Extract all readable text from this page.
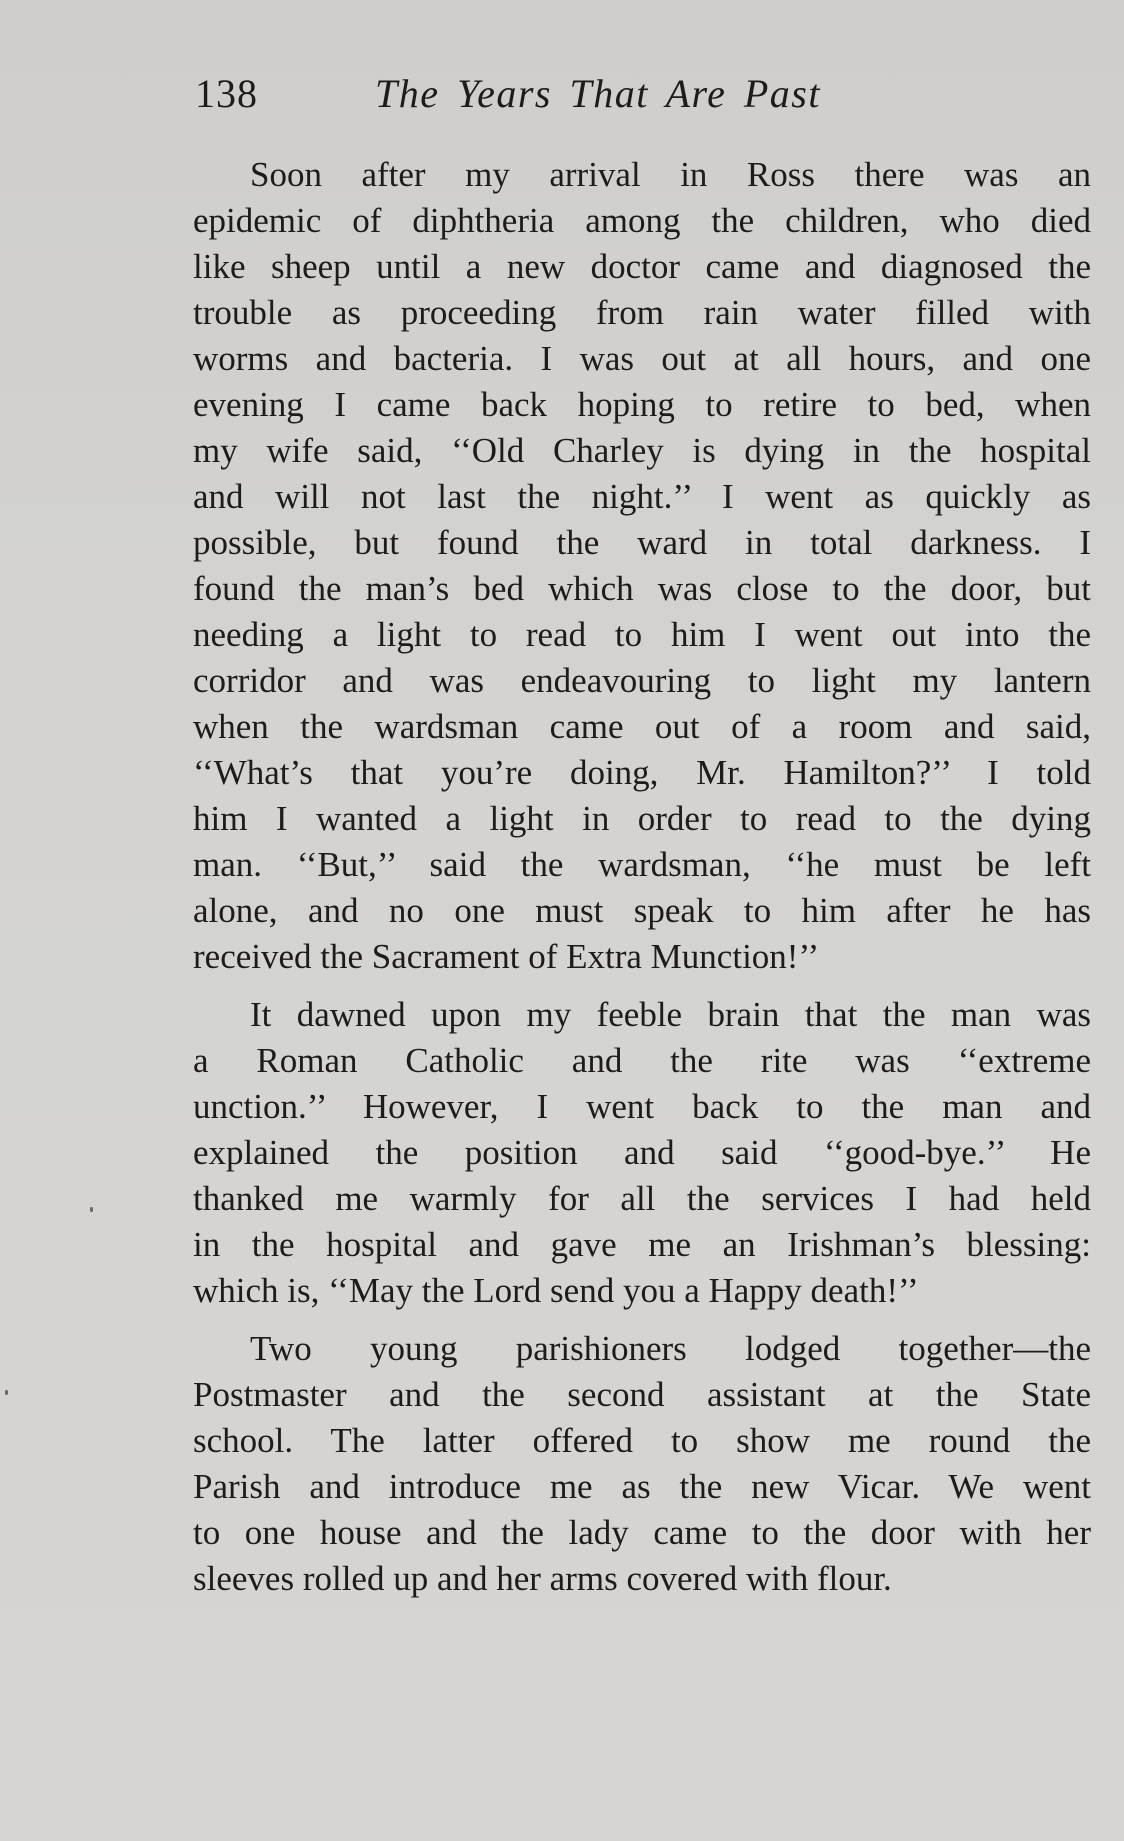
138	The Years That Are Past
Soon after my arrival in Ross there was an
epidemic of diphtheria among the children, who died
like sheep until a new doctor came and diagnosed the
trouble as proceeding from rain water filled with
worms and bacteria. I was out at all hours, and one
evening I came back hoping to retire to bed, when
my wife said, ‘‘Old Charley is dying in the hospital
and will not last the night.’’ I went as quickly as
possible, but found the ward in total darkness. I
found the man’s bed which was close to the door, but
needing a light to read to him I went out into the
corridor and was endeavouring to light my lantern
when the wardsman came out of a room and said,
‘‘What’s that you’re doing, Mr. Hamilton?’’ I told
him I wanted a light in order to read to the dying
man. ‘‘But,’’ said the wardsman, ‘‘he must be left
alone, and no one must speak to him after he has
received the Sacrament of Extra Munction!’’
It dawned upon my feeble brain that the man was
a Roman Catholic and the rite was ‘‘extreme
unction.’’ However, I went back to the man and
explained the position and said ‘‘good-bye.’’ He
thanked me warmly for all the services I had held
in the hospital and gave me an Irishman’s blessing:
which is, ‘‘May the Lord send you a Happy death!’’
Two young parishioners lodged together—the
Postmaster and the second assistant at the State
school. The latter offered to show me round the
Parish and introduce me as the new Vicar. We went
to one house and the lady came to the door with her
sleeves rolled up and her arms covered with flour.
